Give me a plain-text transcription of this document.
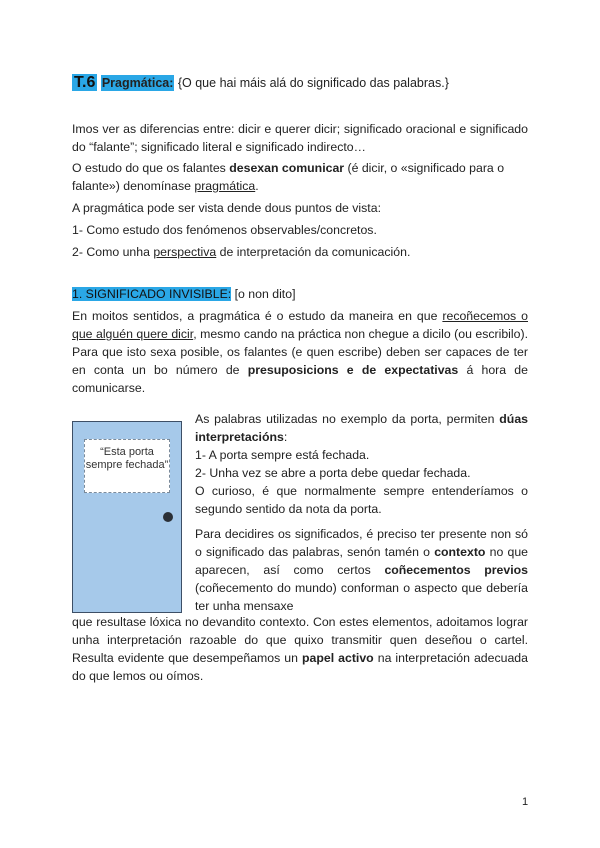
T.6 Pragmática: {O que hai máis alá do significado das palabras.}

Imos ver as diferencias entre: dicir e querer dicir; significado oracional e significado do “falante”; significado literal e significado indirecto…

O estudo do que os falantes desexan comunicar (é dicir, o «significado para o falante») denomínase pragmática.

A pragmática pode ser vista dende dous puntos de vista:

1- Como estudo dos fenómenos observables/concretos.

2- Como unha perspectiva de interpretación da comunicación.

1. SIGNIFICADO INVISIBLE: [o non dito]

En moitos sentidos, a pragmática é o estudo da maneira en que recoñecemos o que alguén quere dicir, mesmo cando na práctica non chegue a dicilo (ou escribilo). Para que isto sexa posible, os falantes (e quen escribe) deben ser capaces de ter en conta un bo número de presuposicions e de expectativas á hora de comunicarse.

“Esta porta sempre fechada”

As palabras utilizadas no exemplo da porta, permiten dúas interpretacións:
1- A porta sempre está fechada.
2- Unha vez se abre a porta debe quedar fechada.
O curioso, é que normalmente sempre entenderíamos o segundo sentido da nota da porta.

Para decidires os significados, é preciso ter presente non só o significado das palabras, senón tamén o contexto no que aparecen, así como certos coñecementos previos (coñecemento do mundo) conforman o aspecto que debería ter unha mensaxe

que resultase lóxica no devandito contexto. Con estes elementos, adoitamos lograr unha interpretación razoable do que quixo transmitir quen deseñou o cartel. Resulta evidente que desempeñamos un papel activo na interpretación adecuada do que lemos ou oímos.

1
